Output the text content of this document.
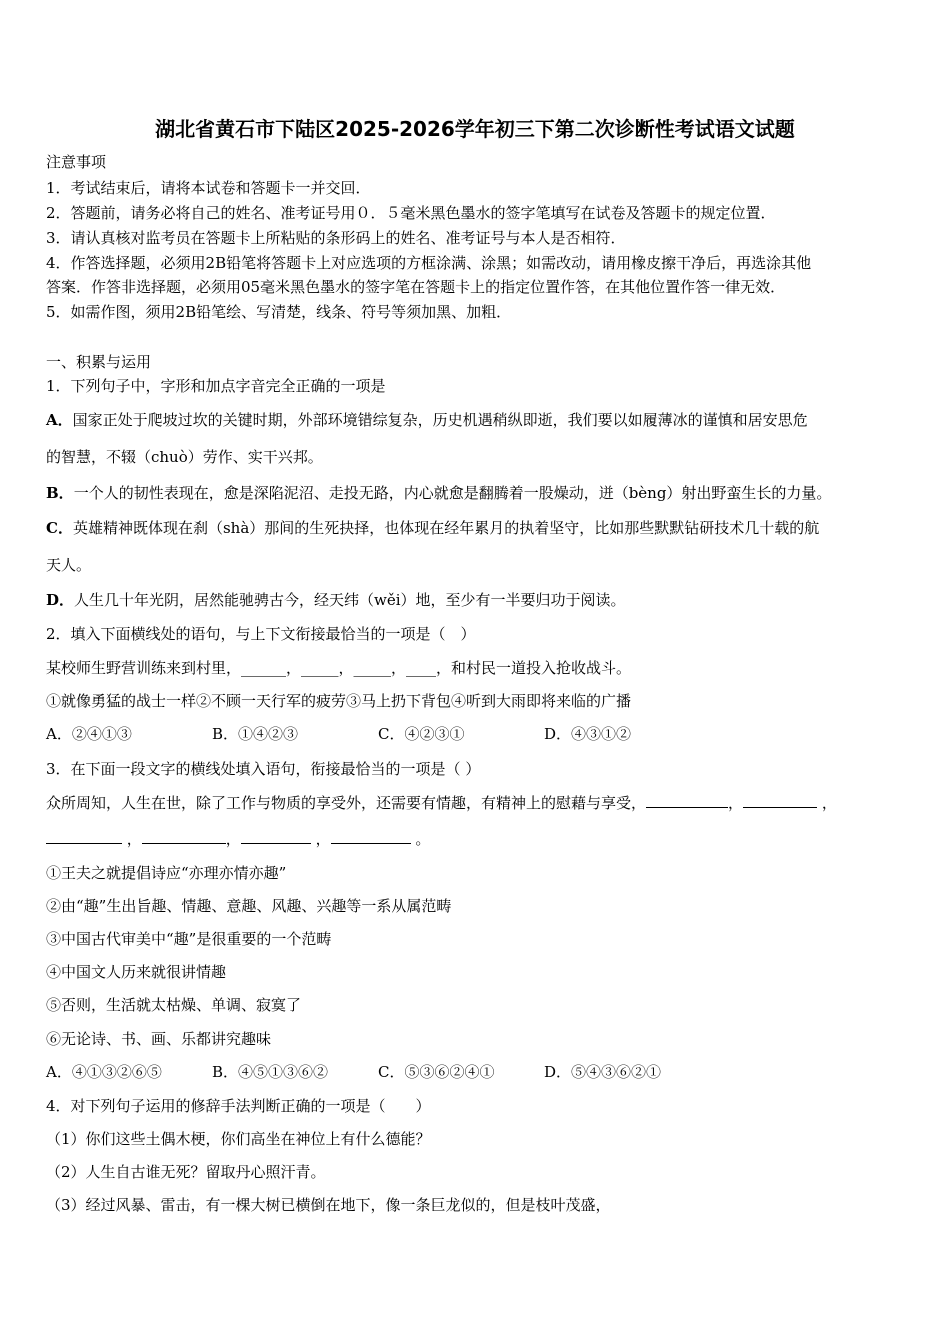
湖北省黄石市下陆区2025-2026学年初三下第二次诊断性考试语文试题
注意事项
1．考试结束后，请将本试卷和答题卡一并交回．
2．答题前，请务必将自己的姓名、准考证号用０．５毫米黑色墨水的签字笔填写在试卷及答题卡的规定位置．
3．请认真核对监考员在答题卡上所粘贴的条形码上的姓名、准考证号与本人是否相符．
4．作答选择题，必须用2B铅笔将答题卡上对应选项的方框涂满、涂黑；如需改动，请用橡皮擦干净后，再选涂其他
答案．作答非选择题，必须用05毫米黑色墨水的签字笔在答题卡上的指定位置作答，在其他位置作答一律无效．
5．如需作图，须用2B铅笔绘、写清楚，线条、符号等须加黑、加粗．
一、积累与运用
1．下列句子中，字形和加点字音完全正确的一项是
A．国家正处于爬坡过坎的关键时期，外部环境错综复杂，历史机遇稍纵即逝，我们要以如履薄冰的谨慎和居安思危
的智慧，不辍（chuò）劳作、实干兴邦。
B．一个人的韧性表现在，愈是深陷泥沼、走投无路，内心就愈是翻腾着一股燥动，迸（bèng）射出野蛮生长的力量。
C．英雄精神既体现在刹（shà）那间的生死抉择，也体现在经年累月的执着坚守，比如那些默默钻研技术几十载的航
天人。
D．人生几十年光阴，居然能驰骋古今，经天纬（wěi）地，至少有一半要归功于阅读。
2．填入下面横线处的语句，与上下文衔接最恰当的一项是（　）
某校师生野营训练来到村里，______，_____，_____，____，和村民一道投入抢收战斗。
①就像勇猛的战士一样②不顾一天行军的疲劳③马上扔下背包④听到大雨即将来临的广播
A．②④①③	B．①④②③	C．④②③①	D．④③①②
3．在下面一段文字的横线处填入语句，衔接最恰当的一项是（ ）
众所周知，人生在世，除了工作与物质的享受外，还需要有情趣，有精神上的慰藉与享受，	，	，
，	，	，	。
①王夫之就提倡诗应“亦理亦情亦趣”
②由“趣”生出旨趣、情趣、意趣、风趣、兴趣等一系从属范畴
③中国古代审美中“趣”是很重要的一个范畴
④中国文人历来就很讲情趣
⑤否则，生活就太枯燥、单调、寂寞了
⑥无论诗、书、画、乐都讲究趣味
A．④①③②⑥⑤	B．④⑤①③⑥②	C．⑤③⑥②④①	D．⑤④③⑥②①
4．对下列句子运用的修辞手法判断正确的一项是（　　）
（1）你们这些土偶木梗，你们高坐在神位上有什么德能？
（2）人生自古谁无死？留取丹心照汗青。
（3）经过风暴、雷击，有一棵大树已横倒在地下，像一条巨龙似的，但是枝叶茂盛，
